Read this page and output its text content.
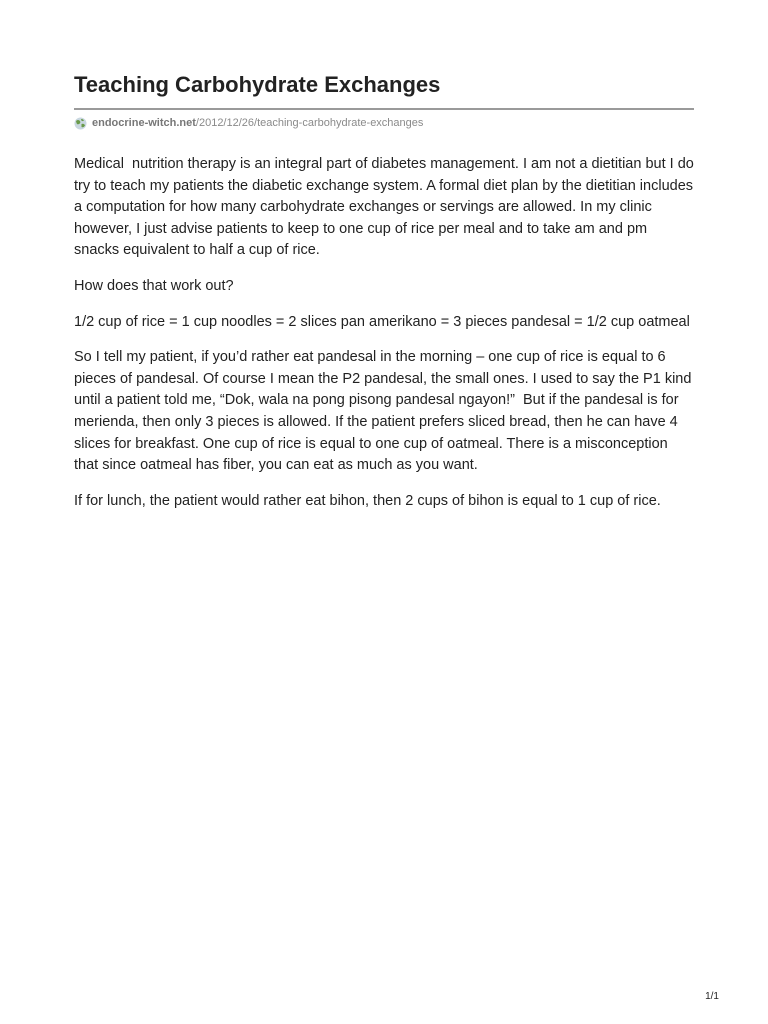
Teaching Carbohydrate Exchanges
endocrine-witch.net/2012/12/26/teaching-carbohydrate-exchanges

Medical  nutrition therapy is an integral part of diabetes management. I am not a dietitian but I do try to teach my patients the diabetic exchange system. A formal diet plan by the dietitian includes a computation for how many carbohydrate exchanges or servings are allowed. In my clinic however, I just advise patients to keep to one cup of rice per meal and to take am and pm snacks equivalent to half a cup of rice.

How does that work out?

1/2 cup of rice = 1 cup noodles = 2 slices pan amerikano = 3 pieces pandesal = 1/2 cup oatmeal

So I tell my patient, if you’d rather eat pandesal in the morning – one cup of rice is equal to 6 pieces of pandesal. Of course I mean the P2 pandesal, the small ones. I used to say the P1 kind until a patient told me, “Dok, wala na pong pisong pandesal ngayon!”  But if the pandesal is for merienda, then only 3 pieces is allowed. If the patient prefers sliced bread, then he can have 4 slices for breakfast. One cup of rice is equal to one cup of oatmeal. There is a misconception that since oatmeal has fiber, you can eat as much as you want.

If for lunch, the patient would rather eat bihon, then 2 cups of bihon is equal to 1 cup of rice.

1/1
